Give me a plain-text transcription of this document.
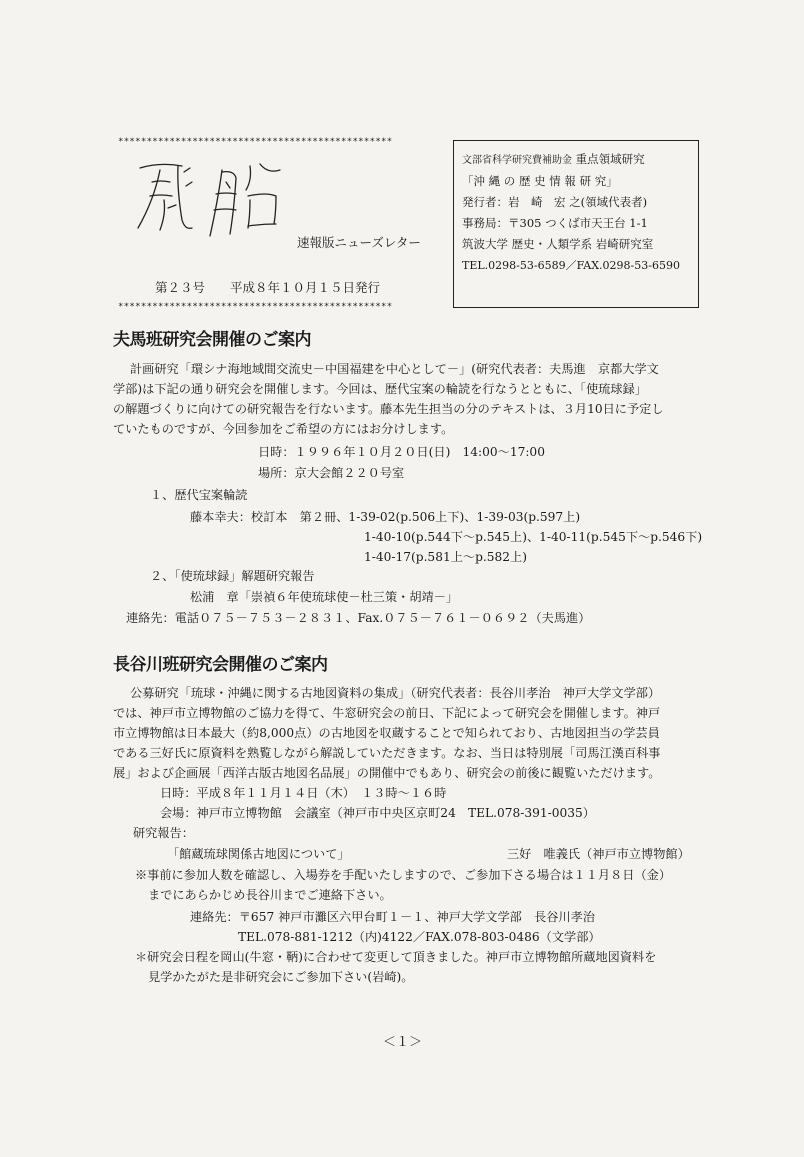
************************************************
速報版ニューズレター
第２３号　　平成８年１０月１５日発行
************************************************
文部省科学研究費補助金 重点領域研究
「沖 縄 の 歴 史 情 報 研 究」
発行者：岩　崎　宏 之(領域代表者)
事務局：〒305 つくば市天王台 1-1
筑波大学 歴史・人類学系 岩崎研究室
TEL.0298-53-6589／FAX.0298-53-6590
夫馬班研究会開催のご案内
計画研究「環シナ海地域間交流史－中国福建を中心として－」(研究代表者：夫馬進　京都大学文
学部)は下記の通り研究会を開催します。今回は、歴代宝案の輪読を行なうとともに、「使琉球録」
の解題づくりに向けての研究報告を行ないます。藤本先生担当の分のテキストは、３月10日に予定し
ていたものですが、今回参加をご希望の方にはお分けします。
日時：１９９６年１０月２０日(日)　14:00～17:00
場所：京大会館２２０号室
１、歴代宝案輪読
藤本幸夫：校訂本　第２冊、1-39-02(p.506上下)、1-39-03(p.597上)
1-40-10(p.544下～p.545上)、1-40-11(p.545下～p.546下)
1-40-17(p.581上～p.582上)
２、「使琉球録」解題研究報告
松浦　章「崇禎６年使琉球使－杜三策・胡靖－」
連絡先：電話０７５－７５３－２８３１、Fax.０７５－７６１－０６９２（夫馬進）
長谷川班研究会開催のご案内
公募研究「琉球・沖縄に関する古地図資料の集成」（研究代表者：長谷川孝治　神戸大学文学部）
では、神戸市立博物館のご協力を得て、牛窓研究会の前日、下記によって研究会を開催します。神戸
市立博物館は日本最大（約8,000点）の古地図を収蔵することで知られており、古地図担当の学芸員
である三好氏に原資料を熟覧しながら解説していただきます。なお、当日は特別展「司馬江漢百科事
展」および企画展「西洋古版古地図名品展」の開催中でもあり、研究会の前後に観覧いただけます。
日時：平成８年１１月１４日（木）　１３時～１６時
会場：神戸市立博物館　会議室（神戸市中央区京町24　TEL.078-391-0035）
研究報告：
「館蔵琉球関係古地図について」	三好　唯義氏（神戸市立博物館）
※事前に参加人数を確認し、入場券を手配いたしますので、ご参加下さる場合は１１月８日（金）
までにあらかじめ長谷川までご連絡下さい。
連絡先：〒657 神戸市灘区六甲台町１－１、神戸大学文学部　長谷川孝治
TEL.078-881-1212（内)4122／FAX.078-803-0486（文学部）
＊研究会日程を岡山(牛窓・鞆)に合わせて変更して頂きました。神戸市立博物館所蔵地図資料を
見学かたがた是非研究会にご参加下さい(岩崎)。
＜１＞
